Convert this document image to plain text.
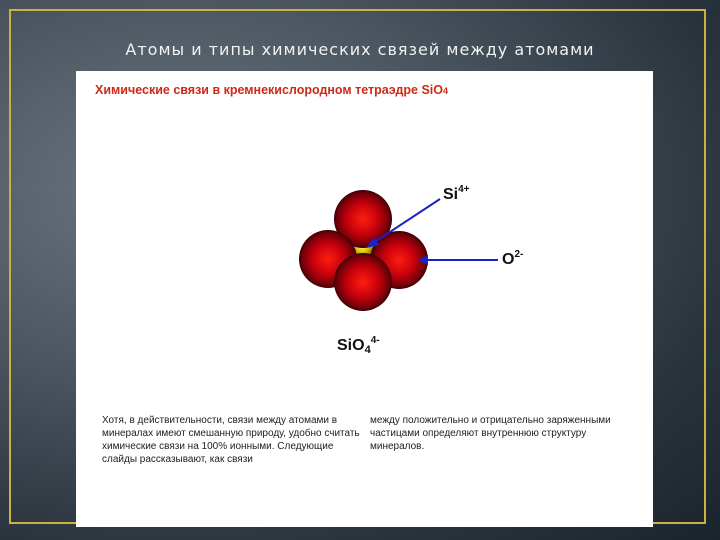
Атомы и типы химических связей между атомами
Химические связи в кремнекислородном тетраэдре SiO4
$Si^{4+}$
$O^{2-}$
SiO$_4^{4-}$
Хотя, в действительности, связи между атомами в минералах имеют смешанную природу, удобно считать химические связи на 100% ионными. Следующие слайды рассказывают, как связи
между положительно и отрицательно заряженными частицами определяют внутреннюю структуру минералов.
